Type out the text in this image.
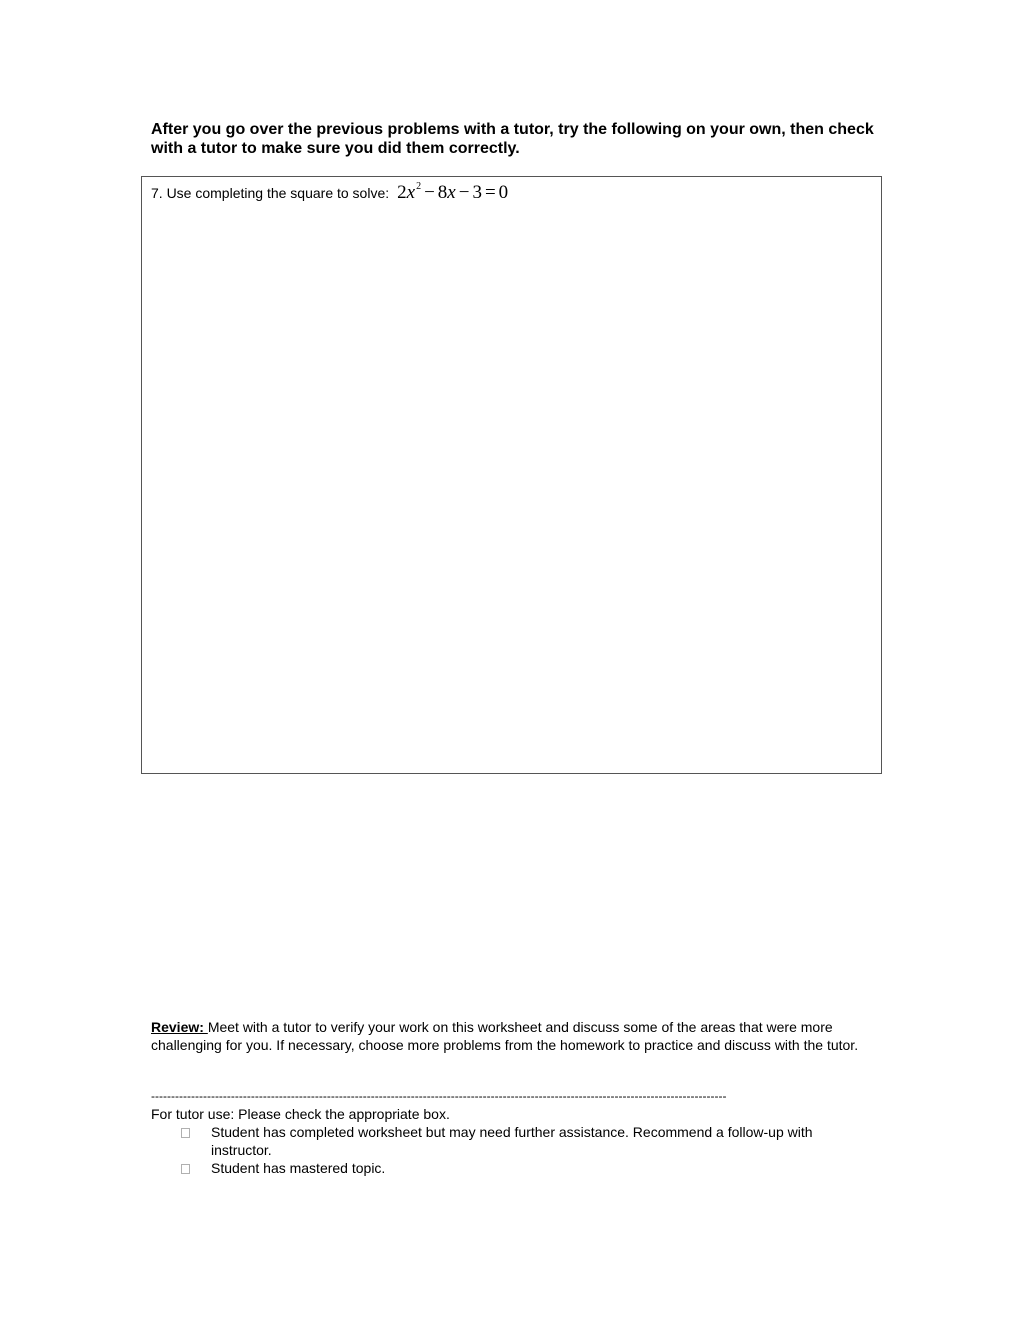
After you go over the previous problems with a tutor, try the following on your own, then check with a tutor to make sure you did them correctly.
7. Use completing the square to solve: $2x^2 - 8x - 3 = 0$
Review: Meet with a tutor to verify your work on this worksheet and discuss some of the areas that were more challenging for you. If necessary, choose more problems from the homework to practice and discuss with the tutor.
------------------------------------------------------------------------------------------------------------------------------------------------
For tutor use: Please check the appropriate box.
Student has completed worksheet but may need further assistance. Recommend a follow-up with instructor.
Student has mastered topic.
